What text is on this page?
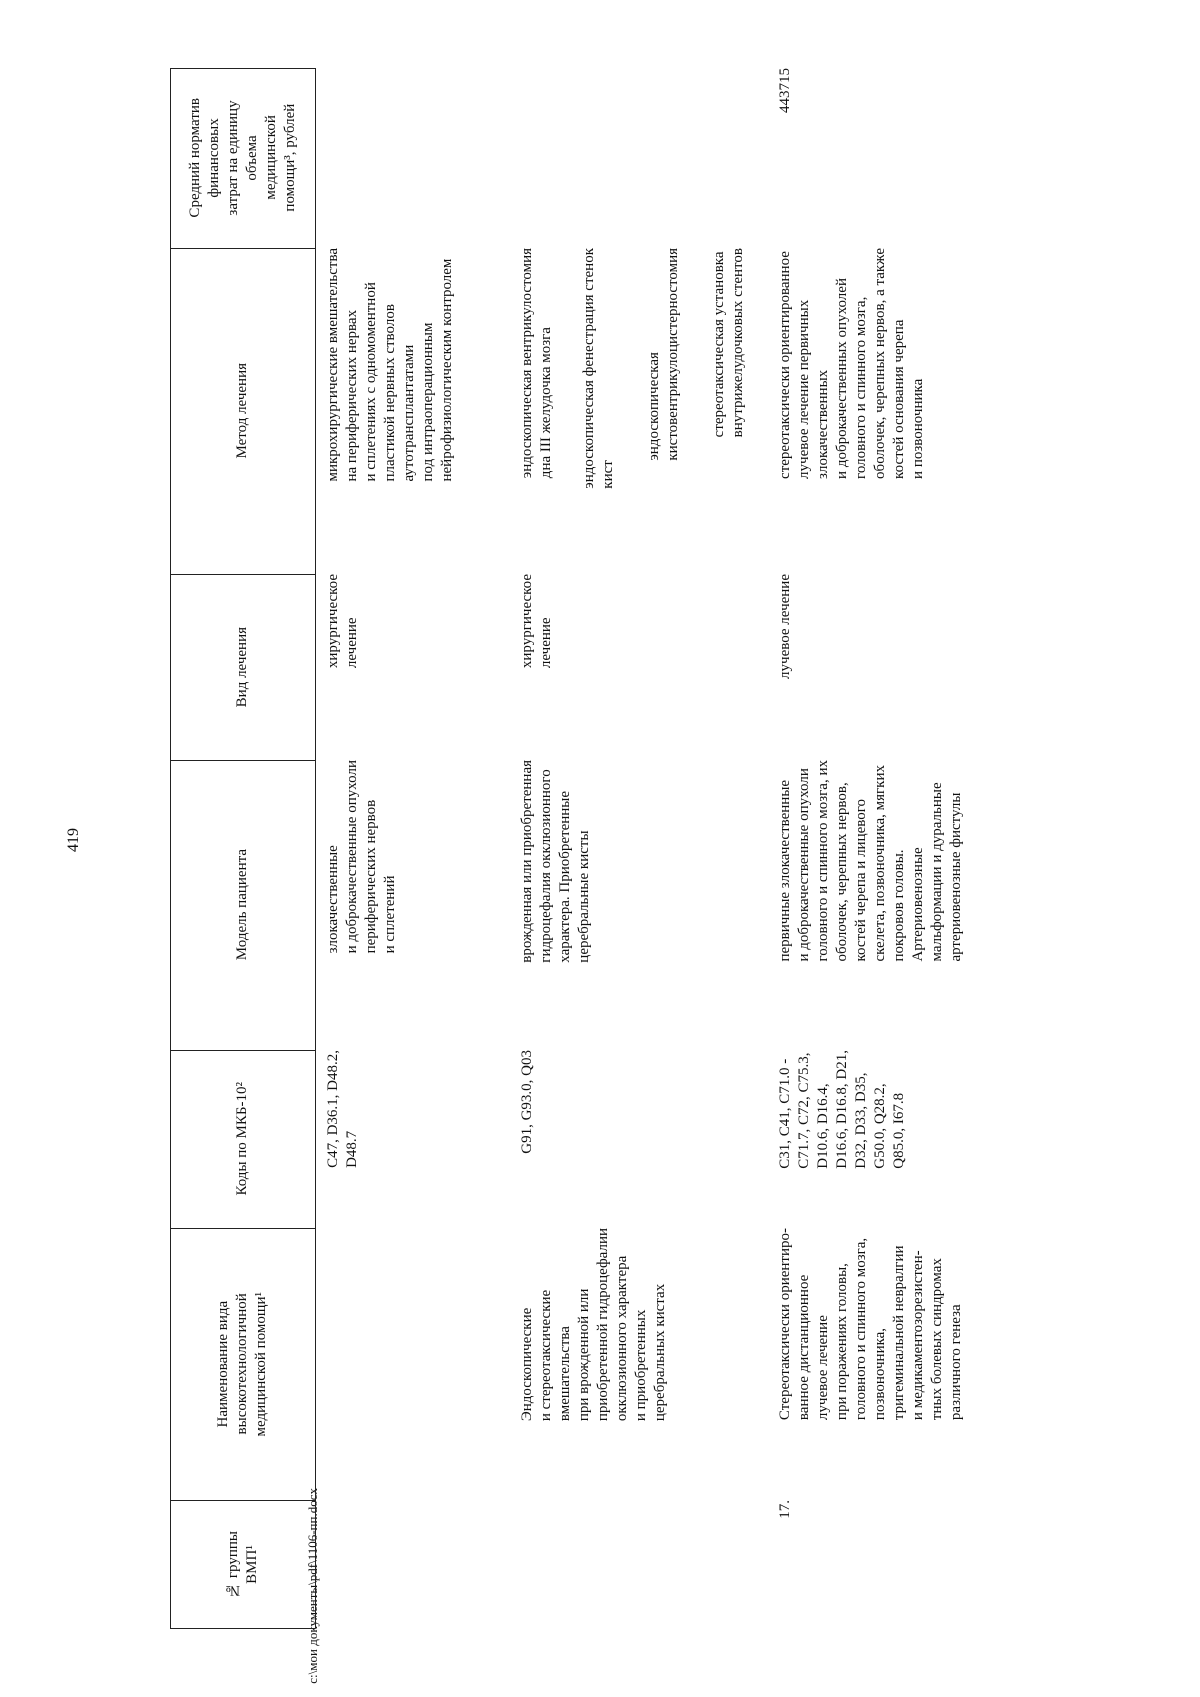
419
c:\мои документы\pdf\1106-пп.docx
Средний норматив
финансовых
затрат на единицу
объема
медицинской
помощи³, рублей
Метод лечения
Вид лечения
Модель пациента
Коды по МКБ-10²
Наименование вида
высокотехнологичной
медицинской помощи¹
№ группы
ВМП¹
C47, D36.1, D48.2,
D48.7
злокачественные
и доброкачественные опухоли
периферических нервов
и сплетений
хирургическое
лечение
микрохирургические вмешательства
на периферических нервах
и сплетениях с одномоментной
пластикой нервных стволов
аутотрансплантатами
под интраоперационным
нейрофизиологическим контролем
Эндоскопические
и стереотаксические
вмешательства
при врожденной или
приобретенной гидроцефалии
окклюзионного характера
и приобретенных
церебральных кистах
G91, G93.0, Q03
врожденная или приобретенная
гидроцефалия окклюзионного
характера. Приобретенные
церебральные кисты
хирургическое
лечение
эндоскопическая вентрикулостомия
дна III желудочка мозга
эндоскопическая фенестрация стенок
кист
эндоскопическая
кистовентрикулоцистерностомия стереотаксическая установка
внутрижелудочковых стентов
17.
Стереотаксически ориентиро-
ванное дистанционное
лучевое лечение
при поражениях головы,
головного и спинного мозга,
позвоночника,
тригеминальной невралгии
и медикаментозорезистен-
тных болевых синдромах
различного генеза
C31, C41, C71.0 -
C71.7, C72, C75.3,
D10.6, D16.4,
D16.6, D16.8, D21,
D32, D33, D35,
G50.0, Q28.2,
Q85.0, I67.8
первичные злокачественные
и доброкачественные опухоли
головного и спинного мозга, их
оболочек, черепных нервов,
костей черепа и лицевого
скелета, позвоночника, мягких
покровов головы.
Артериовенозные
мальформации и дуральные
артериовенозные фистулы
лучевое лечение
стереотаксически ориентированное
лучевое лечение первичных
злокачественных
и доброкачественных опухолей
головного и спинного мозга,
оболочек, черепных нервов, а также
костей основания черепа
и позвоночника
443715
